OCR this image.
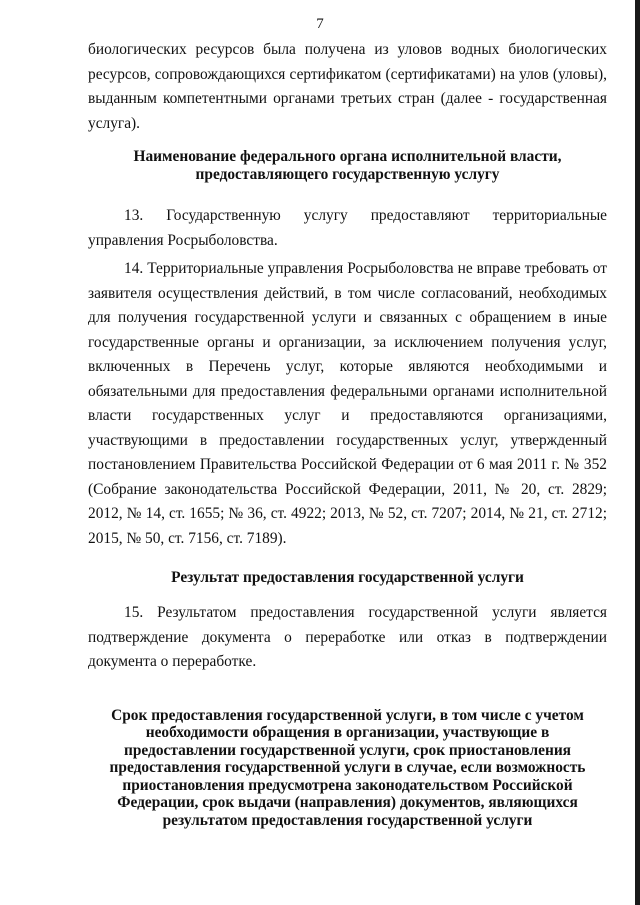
7

биологических ресурсов была получена из уловов водных биологических ресурсов, сопровождающихся сертификатом (сертификатами) на улов (уловы), выданным компетентными органами третьих стран (далее - государственная услуга).

Наименование федерального органа исполнительной власти, предоставляющего государственную услугу

13. Государственную услугу предоставляют территориальные управления Росрыболовства.

14. Территориальные управления Росрыболовства не вправе требовать от заявителя осуществления действий, в том числе согласований, необходимых для получения государственной услуги и связанных с обращением в иные государственные органы и организации, за исключением получения услуг, включенных в Перечень услуг, которые являются необходимыми и обязательными для предоставления федеральными органами исполнительной власти государственных услуг и предоставляются организациями, участвующими в предоставлении государственных услуг, утвержденный постановлением Правительства Российской Федерации от 6 мая 2011 г. № 352 (Собрание законодательства Российской Федерации, 2011, № 20, ст. 2829; 2012, № 14, ст. 1655; № 36, ст. 4922; 2013, № 52, ст. 7207; 2014, № 21, ст. 2712; 2015, № 50, ст. 7156, ст. 7189).

Результат предоставления государственной услуги

15. Результатом предоставления государственной услуги является подтверждение документа о переработке или отказ в подтверждении документа о переработке.

Срок предоставления государственной услуги, в том числе с учетом необходимости обращения в организации, участвующие в предоставлении государственной услуги, срок приостановления предоставления государственной услуги в случае, если возможность приостановления предусмотрена законодательством Российской Федерации, срок выдачи (направления) документов, являющихся результатом предоставления государственной услуги
